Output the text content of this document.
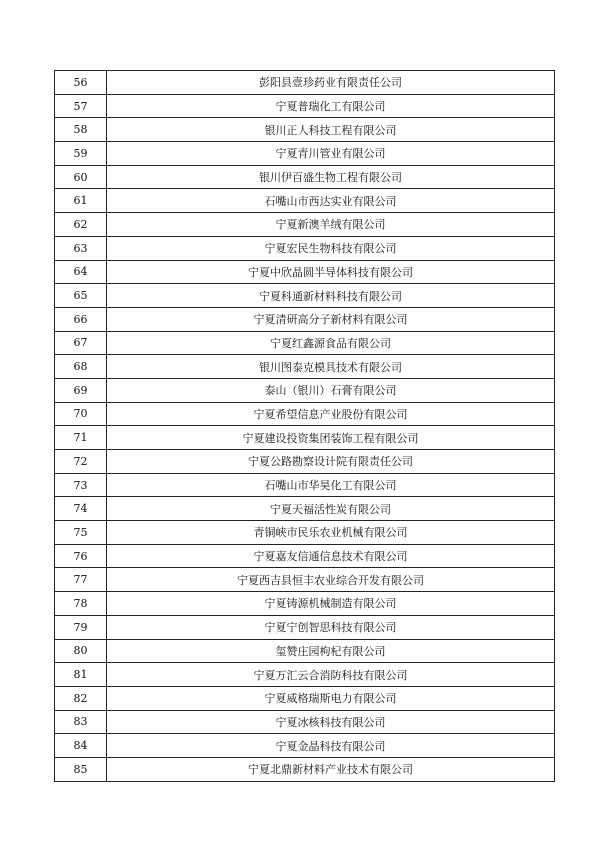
56	彭阳县壹珍药业有限责任公司
57	宁夏普瑞化工有限公司
58	银川正人科技工程有限公司
59	宁夏青川管业有限公司
60	银川伊百盛生物工程有限公司
61	石嘴山市西达实业有限公司
62	宁夏新澳羊绒有限公司
63	宁夏宏民生物科技有限公司
64	宁夏中欣晶圆半导体科技有限公司
65	宁夏科通新材料科技有限公司
66	宁夏清研高分子新材料有限公司
67	宁夏红鑫源食品有限公司
68	银川图泰克模具技术有限公司
69	泰山（银川）石膏有限公司
70	宁夏希望信息产业股份有限公司
71	宁夏建设投资集团装饰工程有限公司
72	宁夏公路勘察设计院有限责任公司
73	石嘴山市华昊化工有限公司
74	宁夏天福活性炭有限公司
75	青铜峡市民乐农业机械有限公司
76	宁夏嘉友信通信息技术有限公司
77	宁夏西吉县恒丰农业综合开发有限公司
78	宁夏铸源机械制造有限公司
79	宁夏宁创智思科技有限公司
80	玺赞庄园枸杞有限公司
81	宁夏万汇云合消防科技有限公司
82	宁夏威格瑞斯电力有限公司
83	宁夏冰核科技有限公司
84	宁夏金晶科技有限公司
85	宁夏北鼎新材料产业技术有限公司
